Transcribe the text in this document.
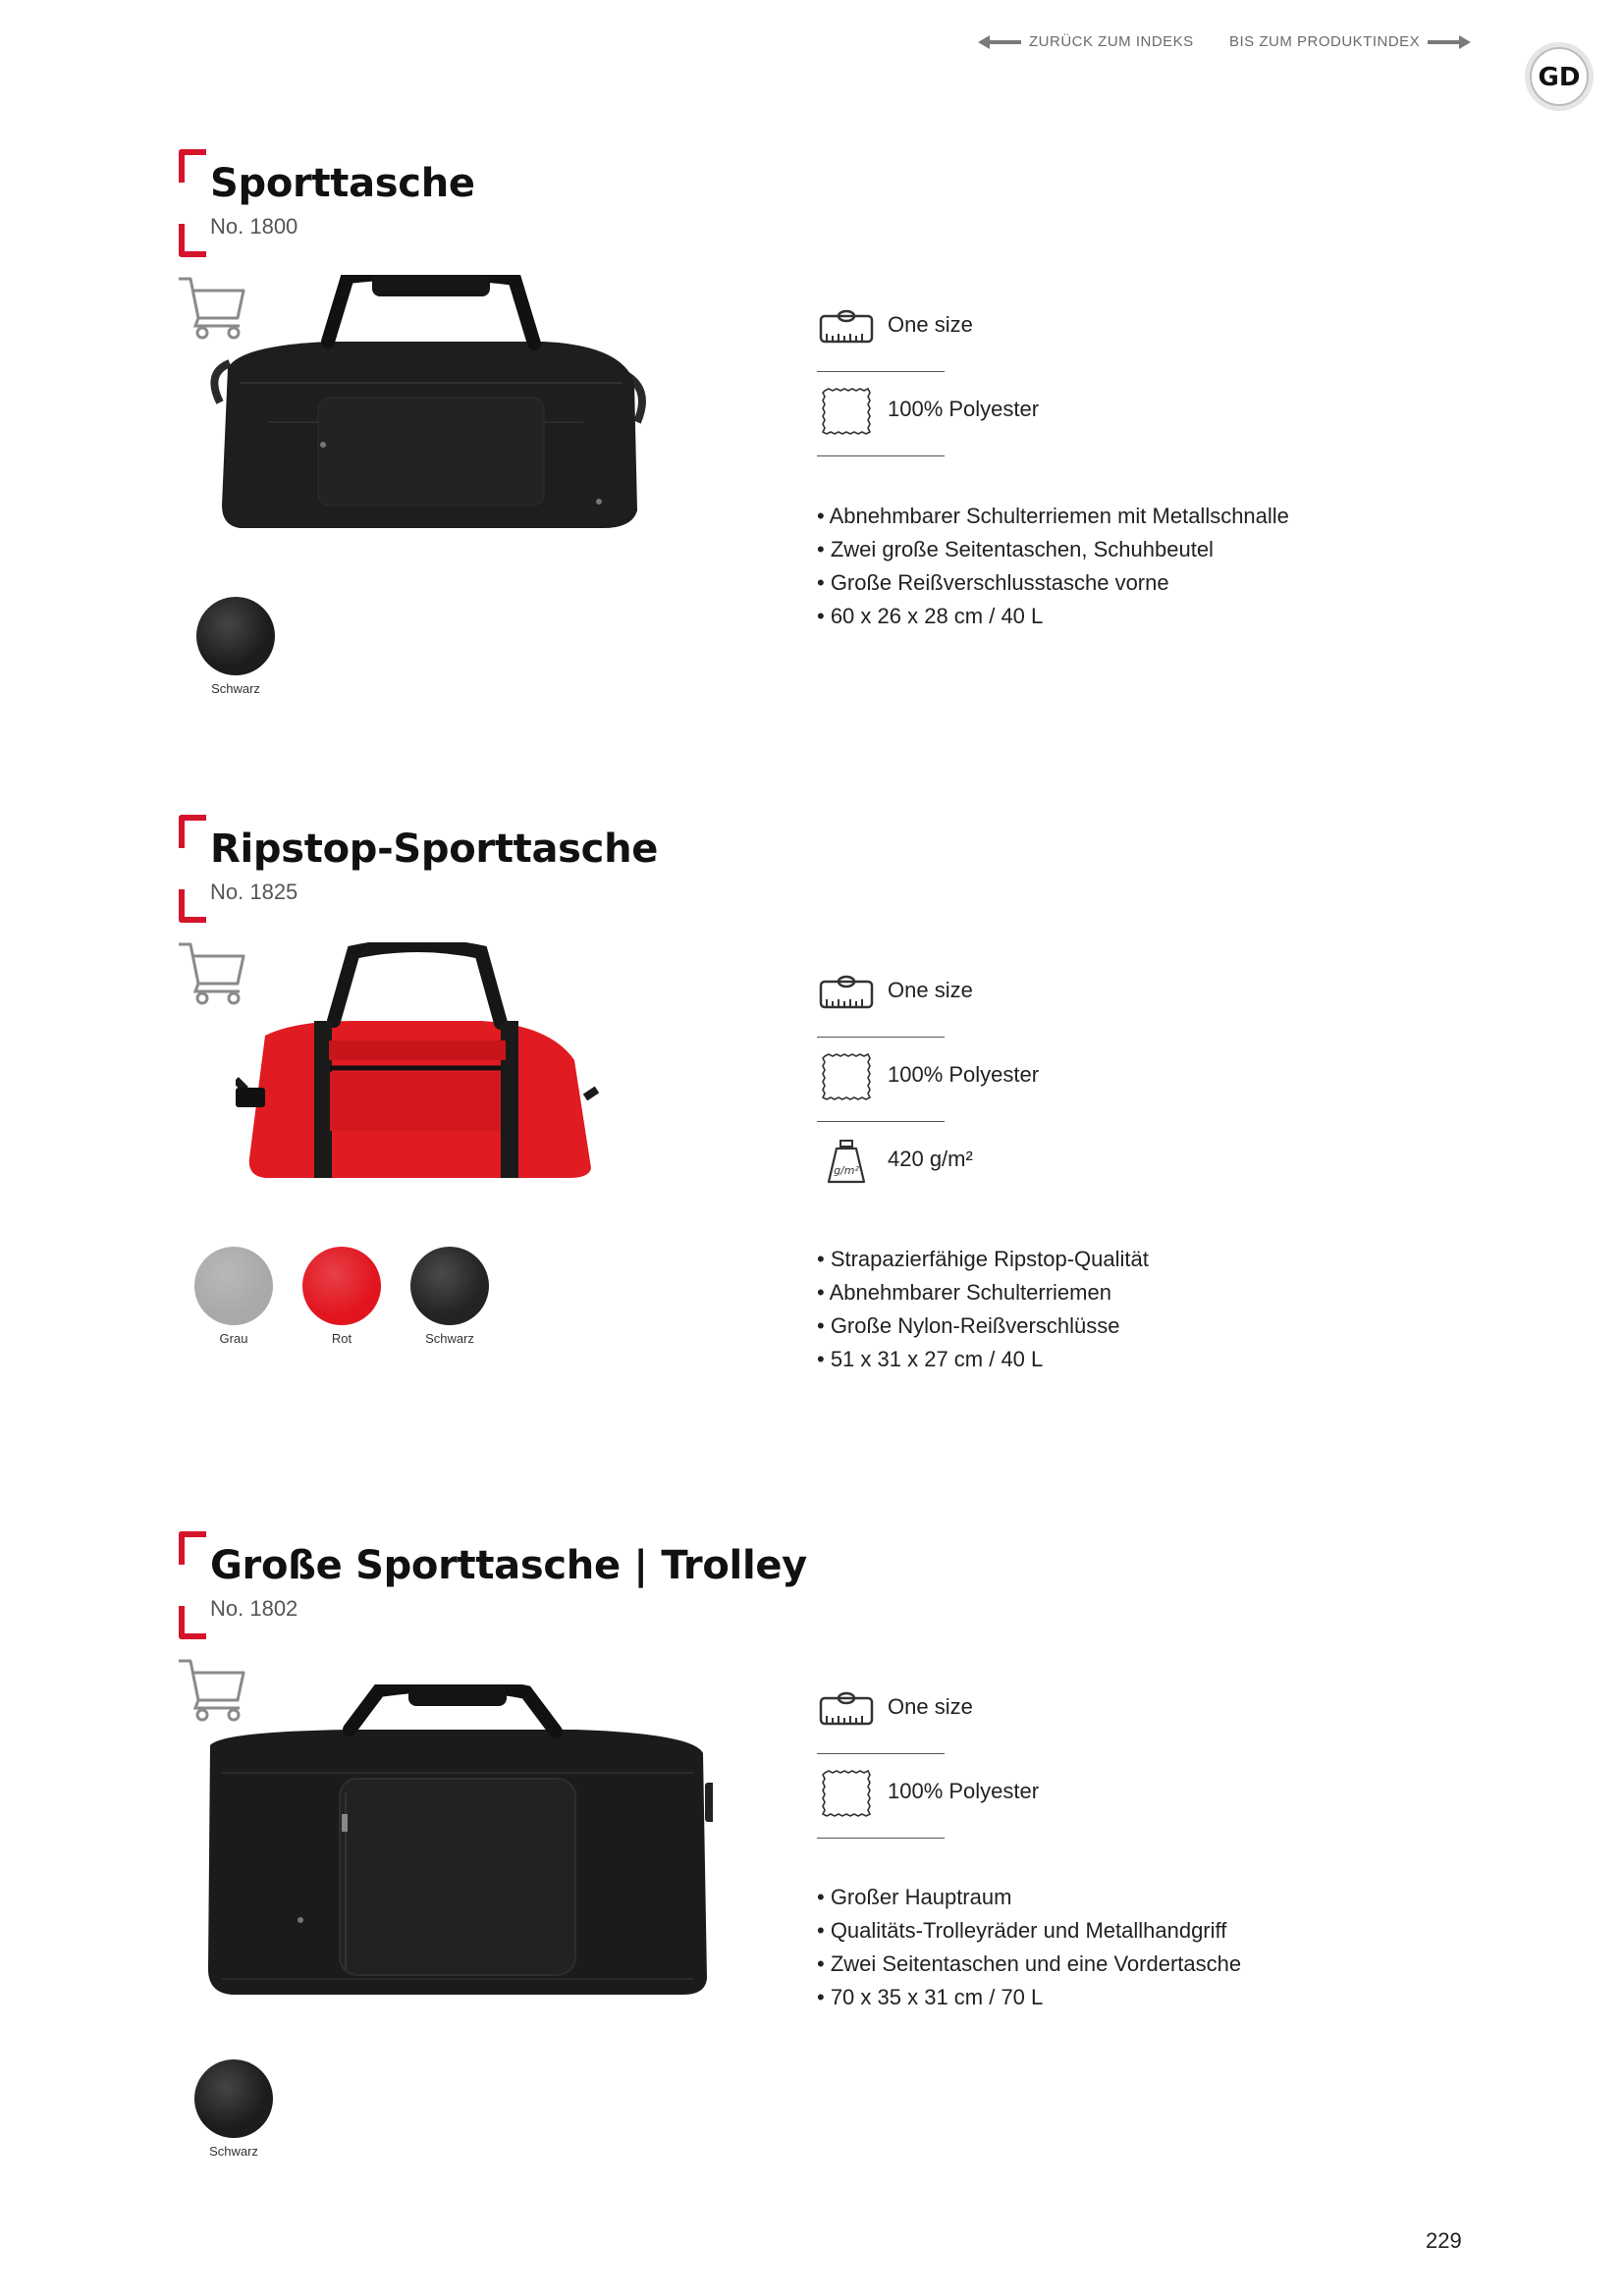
ZURÜCK ZUM INDEKS BIS ZUM PRODUKTINDEX
GD
Sporttasche
No. 1800
Schwarz
One size
100% Polyester
• Abnehmbarer Schulterriemen mit Metallschnalle
• Zwei große Seitentaschen, Schuhbeutel
• Große Reißverschlusstasche vorne
• 60 x 26 x 28 cm / 40 L
Ripstop-Sporttasche
No. 1825
Grau	Rot	Schwarz
One size
100% Polyester
g/m² 420 g/m²
• Strapazierfähige Ripstop-Qualität
• Abnehmbarer Schulterriemen
• Große Nylon-Reißverschlüsse
• 51 x 31 x 27 cm / 40 L
Große Sporttasche | Trolley
No. 1802
Schwarz
One size
100% Polyester
• Großer Hauptraum
• Qualitäts-Trolleyräder und Metallhandgriff
• Zwei Seitentaschen und eine Vordertasche
• 70 x 35 x 31 cm / 70 L
229
